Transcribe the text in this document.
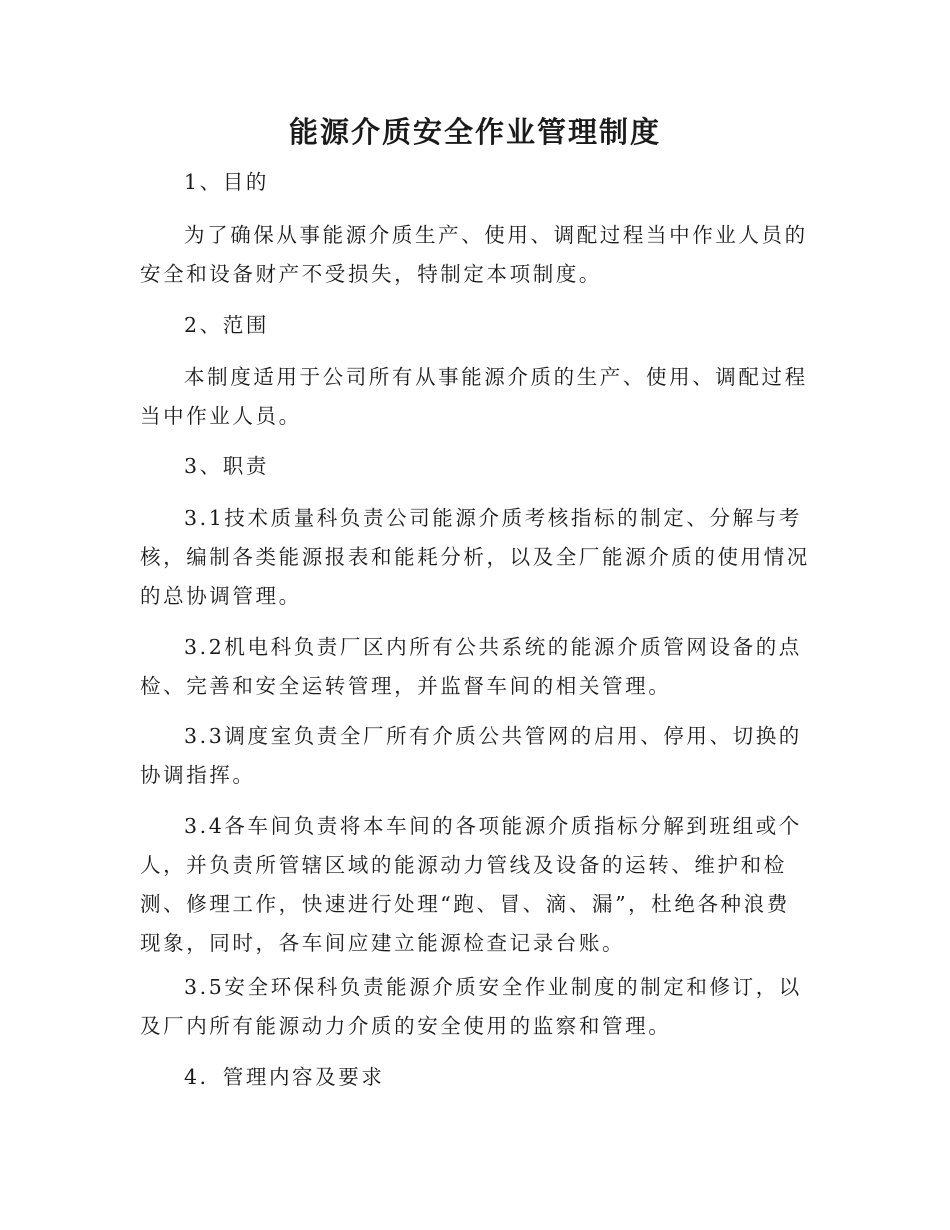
能源介质安全作业管理制度
1、目的
为了确保从事能源介质生产、使用、调配过程当中作业人员的安全和设备财产不受损失，特制定本项制度。
2、范围
本制度适用于公司所有从事能源介质的生产、使用、调配过程当中作业人员。
3、职责
3.1技术质量科负责公司能源介质考核指标的制定、分解与考核，编制各类能源报表和能耗分析，以及全厂能源介质的使用情况的总协调管理。
3.2机电科负责厂区内所有公共系统的能源介质管网设备的点检、完善和安全运转管理，并监督车间的相关管理。
3.3调度室负责全厂所有介质公共管网的启用、停用、切换的协调指挥。
3.4各车间负责将本车间的各项能源介质指标分解到班组或个人，并负责所管辖区域的能源动力管线及设备的运转、维护和检测、修理工作，快速进行处理“跑、冒、滴、漏”，杜绝各种浪费现象，同时，各车间应建立能源检查记录台账。
3.5安全环保科负责能源介质安全作业制度的制定和修订，以及厂内所有能源动力介质的安全使用的监察和管理。
4．管理内容及要求
